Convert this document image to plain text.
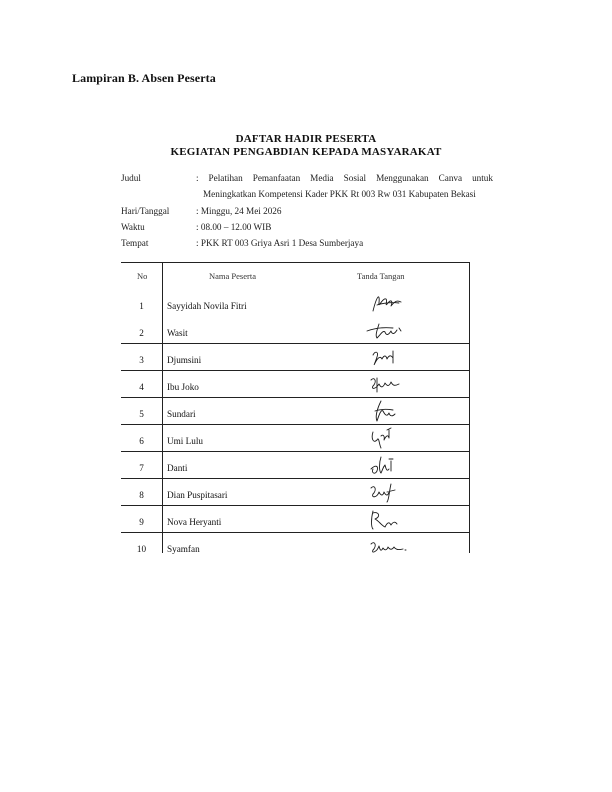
Lampiran B. Absen Peserta
DAFTAR HADIR PESERTA
KEGIATAN PENGABDIAN KEPADA MASYARAKAT
Judul	: Pelatihan Pemanfaatan Media Sosial Menggunakan Canva untuk
Meningkatkan Kompetensi Kader PKK Rt 003 Rw 031 Kabupaten Bekasi
Hari/Tanggal	: Minggu, 24 Mei 2026
Waktu	: 08.00 – 12.00 WIB
Tempat	: PKK RT 003 Griya Asri 1 Desa Sumberjaya
No	Nama Peserta	Tanda Tangan
1	Sayyidah Novila Fitri
2	Wasit
3	Djumsini
4	Ibu Joko
5	Sundari
6	Umi Lulu
7	Danti
8	Dian Puspitasari
9	Nova Heryanti
10	Syamfan
